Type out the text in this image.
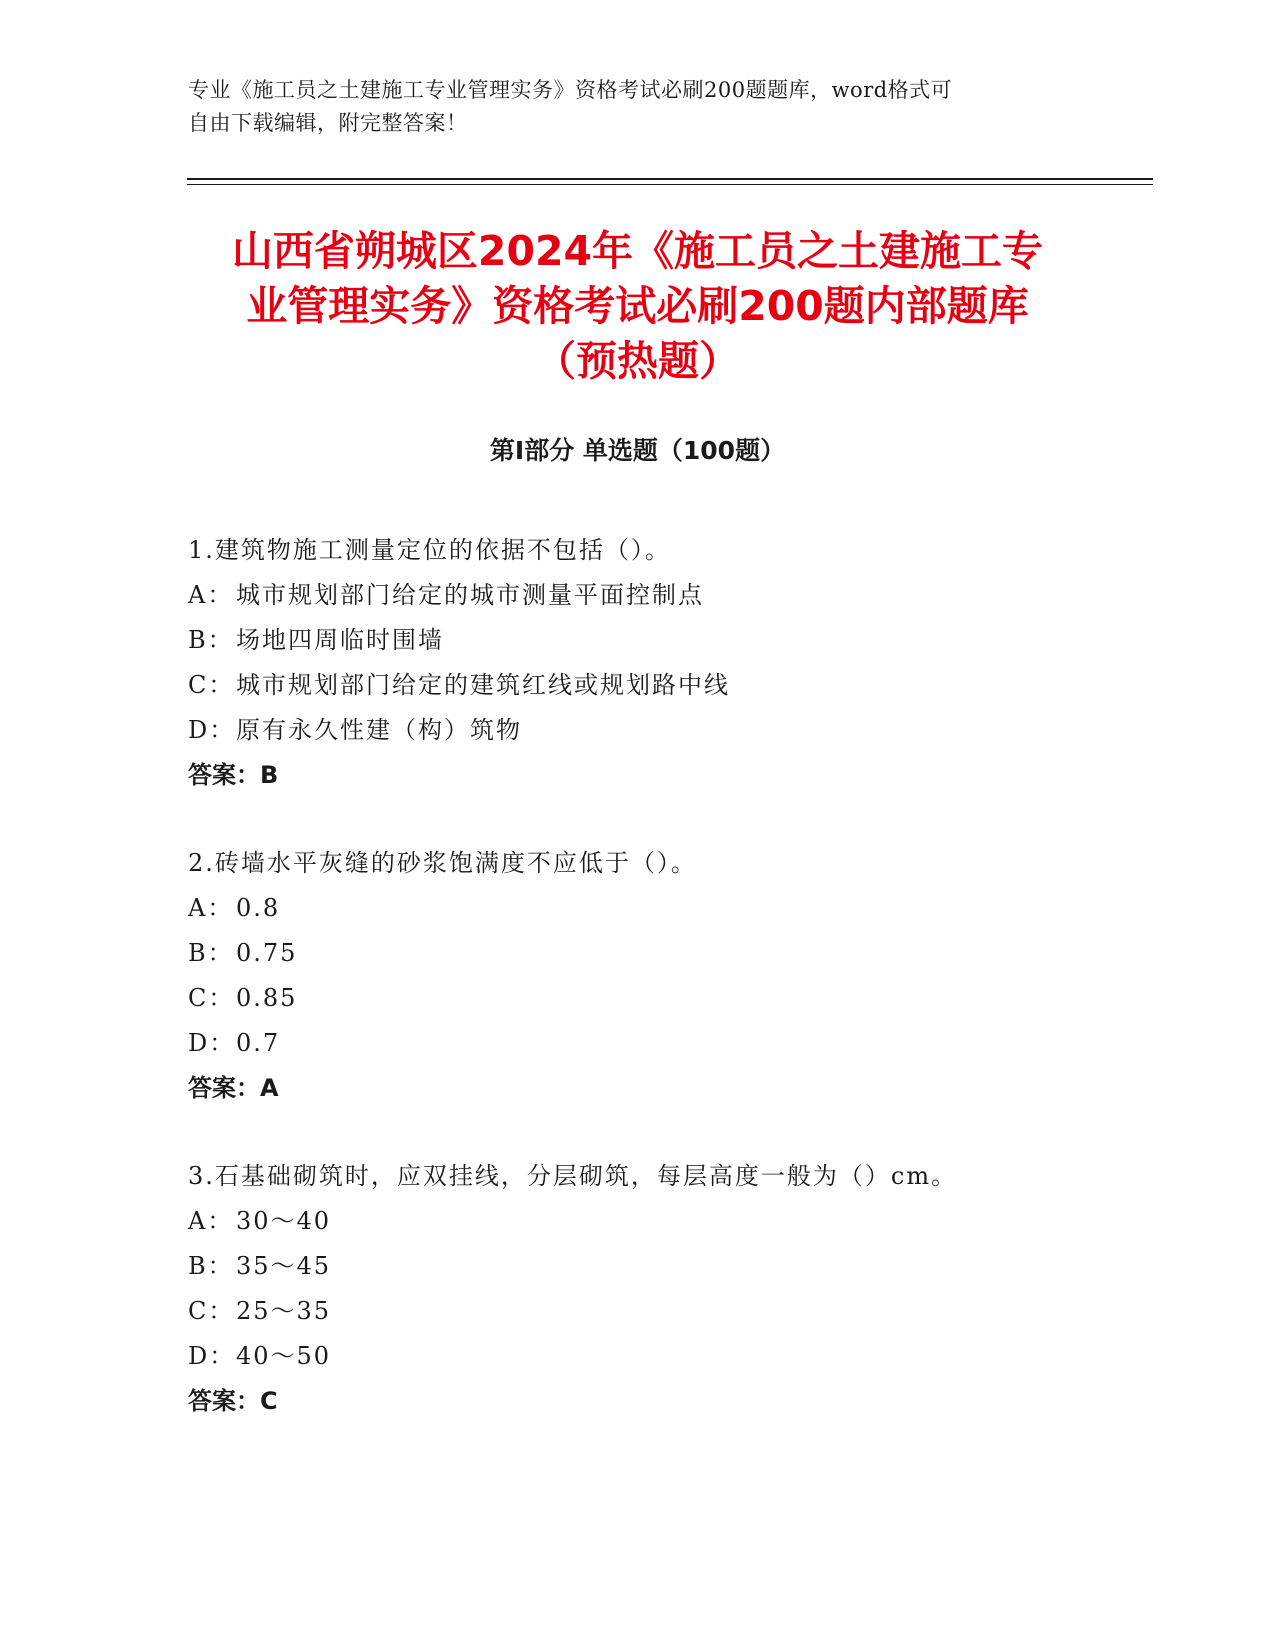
专业《施工员之土建施工专业管理实务》资格考试必刷200题题库，word格式可
自由下载编辑，附完整答案！
山西省朔城区2024年《施工员之土建施工专
业管理实务》资格考试必刷200题内部题库
（预热题）
第Ⅰ部分 单选题（100题）
1.建筑物施工测量定位的依据不包括（）。
A： 城市规划部门给定的城市测量平面控制点
B：场地四周临时围墙
C：城市规划部门给定的建筑红线或规划路中线
D：原有永久性建（构）筑物
答案：B
2.砖墙水平灰缝的砂浆饱满度不应低于（）。
A： 0.8
B：0.75
C：0.85
D：0.7
答案：A
3.石基础砌筑时，应双挂线，分层砌筑，每层高度一般为（）cm。
A： 30～40
B：35～45
C：25～35
D：40～50
答案：C
